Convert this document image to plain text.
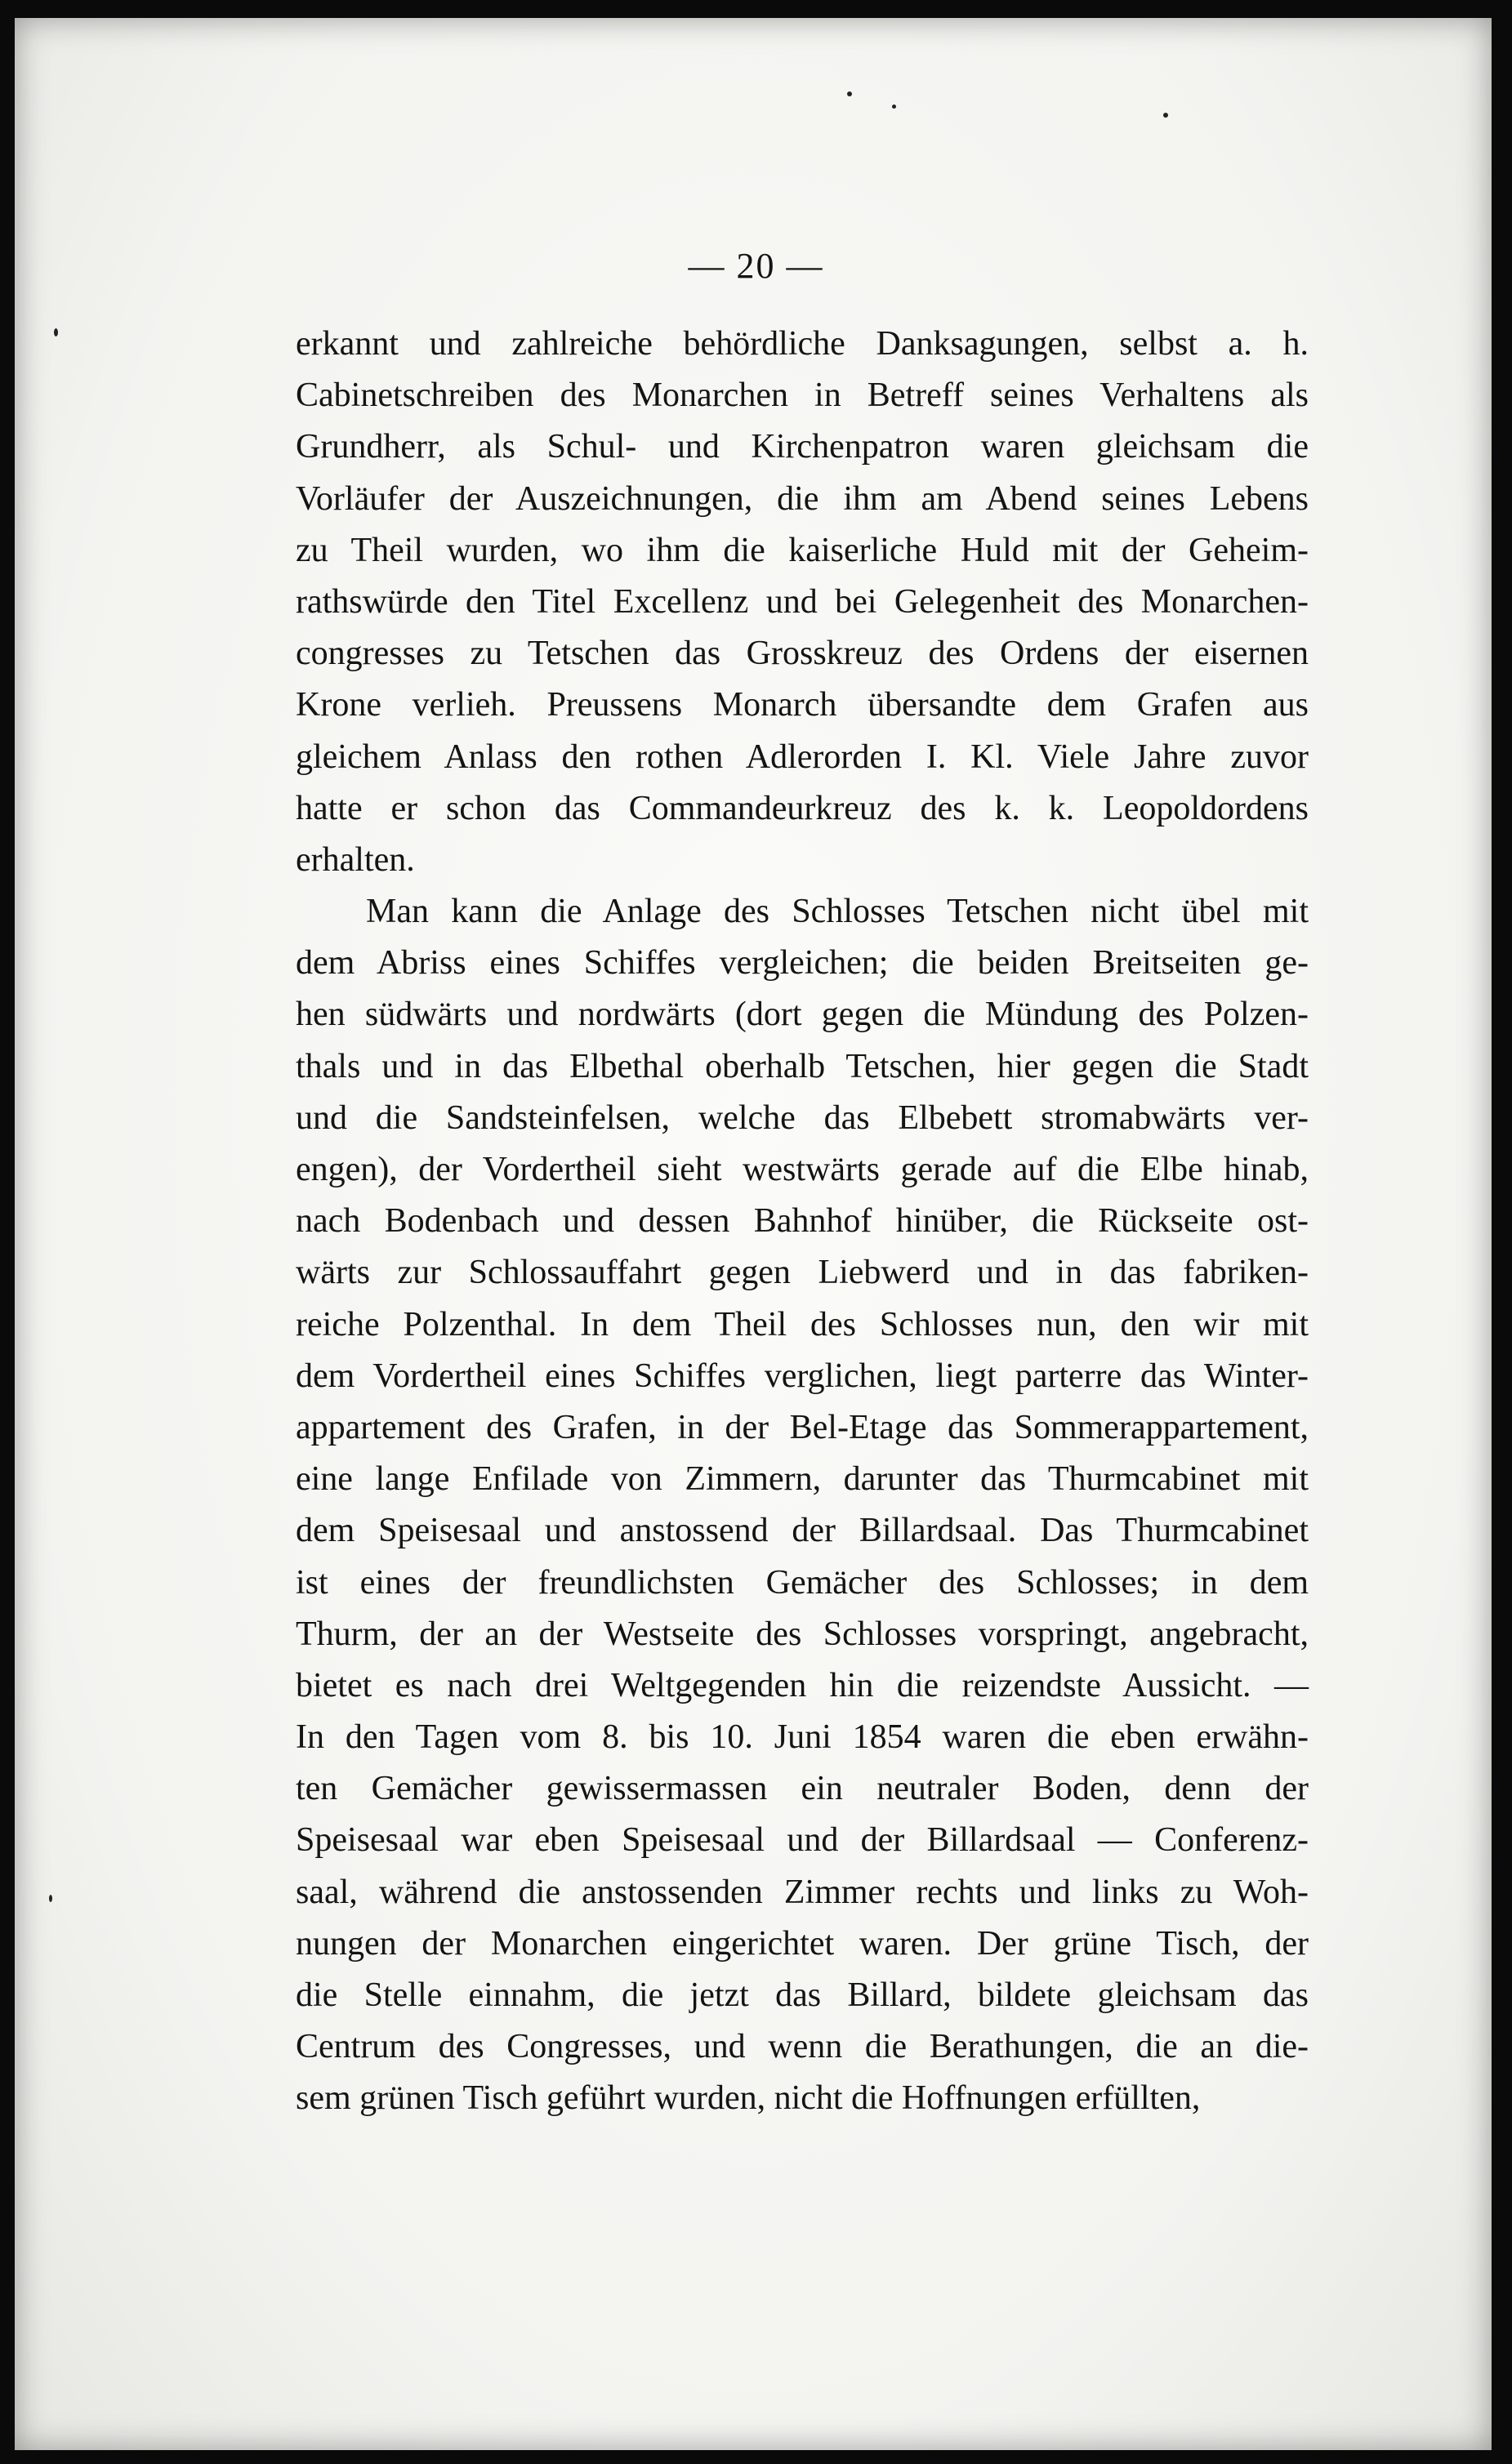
— 20 —
erkannt und zahlreiche behördliche Danksagungen, selbst a. h.
Cabinetschreiben des Monarchen in Betreff seines Verhaltens als
Grundherr, als Schul- und Kirchenpatron waren gleichsam die
Vorläufer der Auszeichnungen, die ihm am Abend seines Lebens
zu Theil wurden, wo ihm die kaiserliche Huld mit der Geheim-
rathswürde den Titel Excellenz und bei Gelegenheit des Monarchen-
congresses zu Tetschen das Grosskreuz des Ordens der eisernen
Krone verlieh. Preussens Monarch übersandte dem Grafen aus
gleichem Anlass den rothen Adlerorden I. Kl. Viele Jahre zuvor
hatte er schon das Commandeurkreuz des k. k. Leopoldordens
erhalten.
Man kann die Anlage des Schlosses Tetschen nicht übel mit
dem Abriss eines Schiffes vergleichen; die beiden Breitseiten ge-
hen südwärts und nordwärts (dort gegen die Mündung des Polzen-
thals und in das Elbethal oberhalb Tetschen, hier gegen die Stadt
und die Sandsteinfelsen, welche das Elbebett stromabwärts ver-
engen), der Vordertheil sieht westwärts gerade auf die Elbe hinab,
nach Bodenbach und dessen Bahnhof hinüber, die Rückseite ost-
wärts zur Schlossauffahrt gegen Liebwerd und in das fabriken-
reiche Polzenthal. In dem Theil des Schlosses nun, den wir mit
dem Vordertheil eines Schiffes verglichen, liegt parterre das Winter-
appartement des Grafen, in der Bel-Etage das Sommerappartement,
eine lange Enfilade von Zimmern, darunter das Thurmcabinet mit
dem Speisesaal und anstossend der Billardsaal. Das Thurmcabinet
ist eines der freundlichsten Gemächer des Schlosses; in dem
Thurm, der an der Westseite des Schlosses vorspringt, angebracht,
bietet es nach drei Weltgegenden hin die reizendste Aussicht. —
In den Tagen vom 8. bis 10. Juni 1854 waren die eben erwähn-
ten Gemächer gewissermassen ein neutraler Boden, denn der
Speisesaal war eben Speisesaal und der Billardsaal — Conferenz-
saal, während die anstossenden Zimmer rechts und links zu Woh-
nungen der Monarchen eingerichtet waren. Der grüne Tisch, der
die Stelle einnahm, die jetzt das Billard, bildete gleichsam das
Centrum des Congresses, und wenn die Berathungen, die an die-
sem grünen Tisch geführt wurden, nicht die Hoffnungen erfüllten,
